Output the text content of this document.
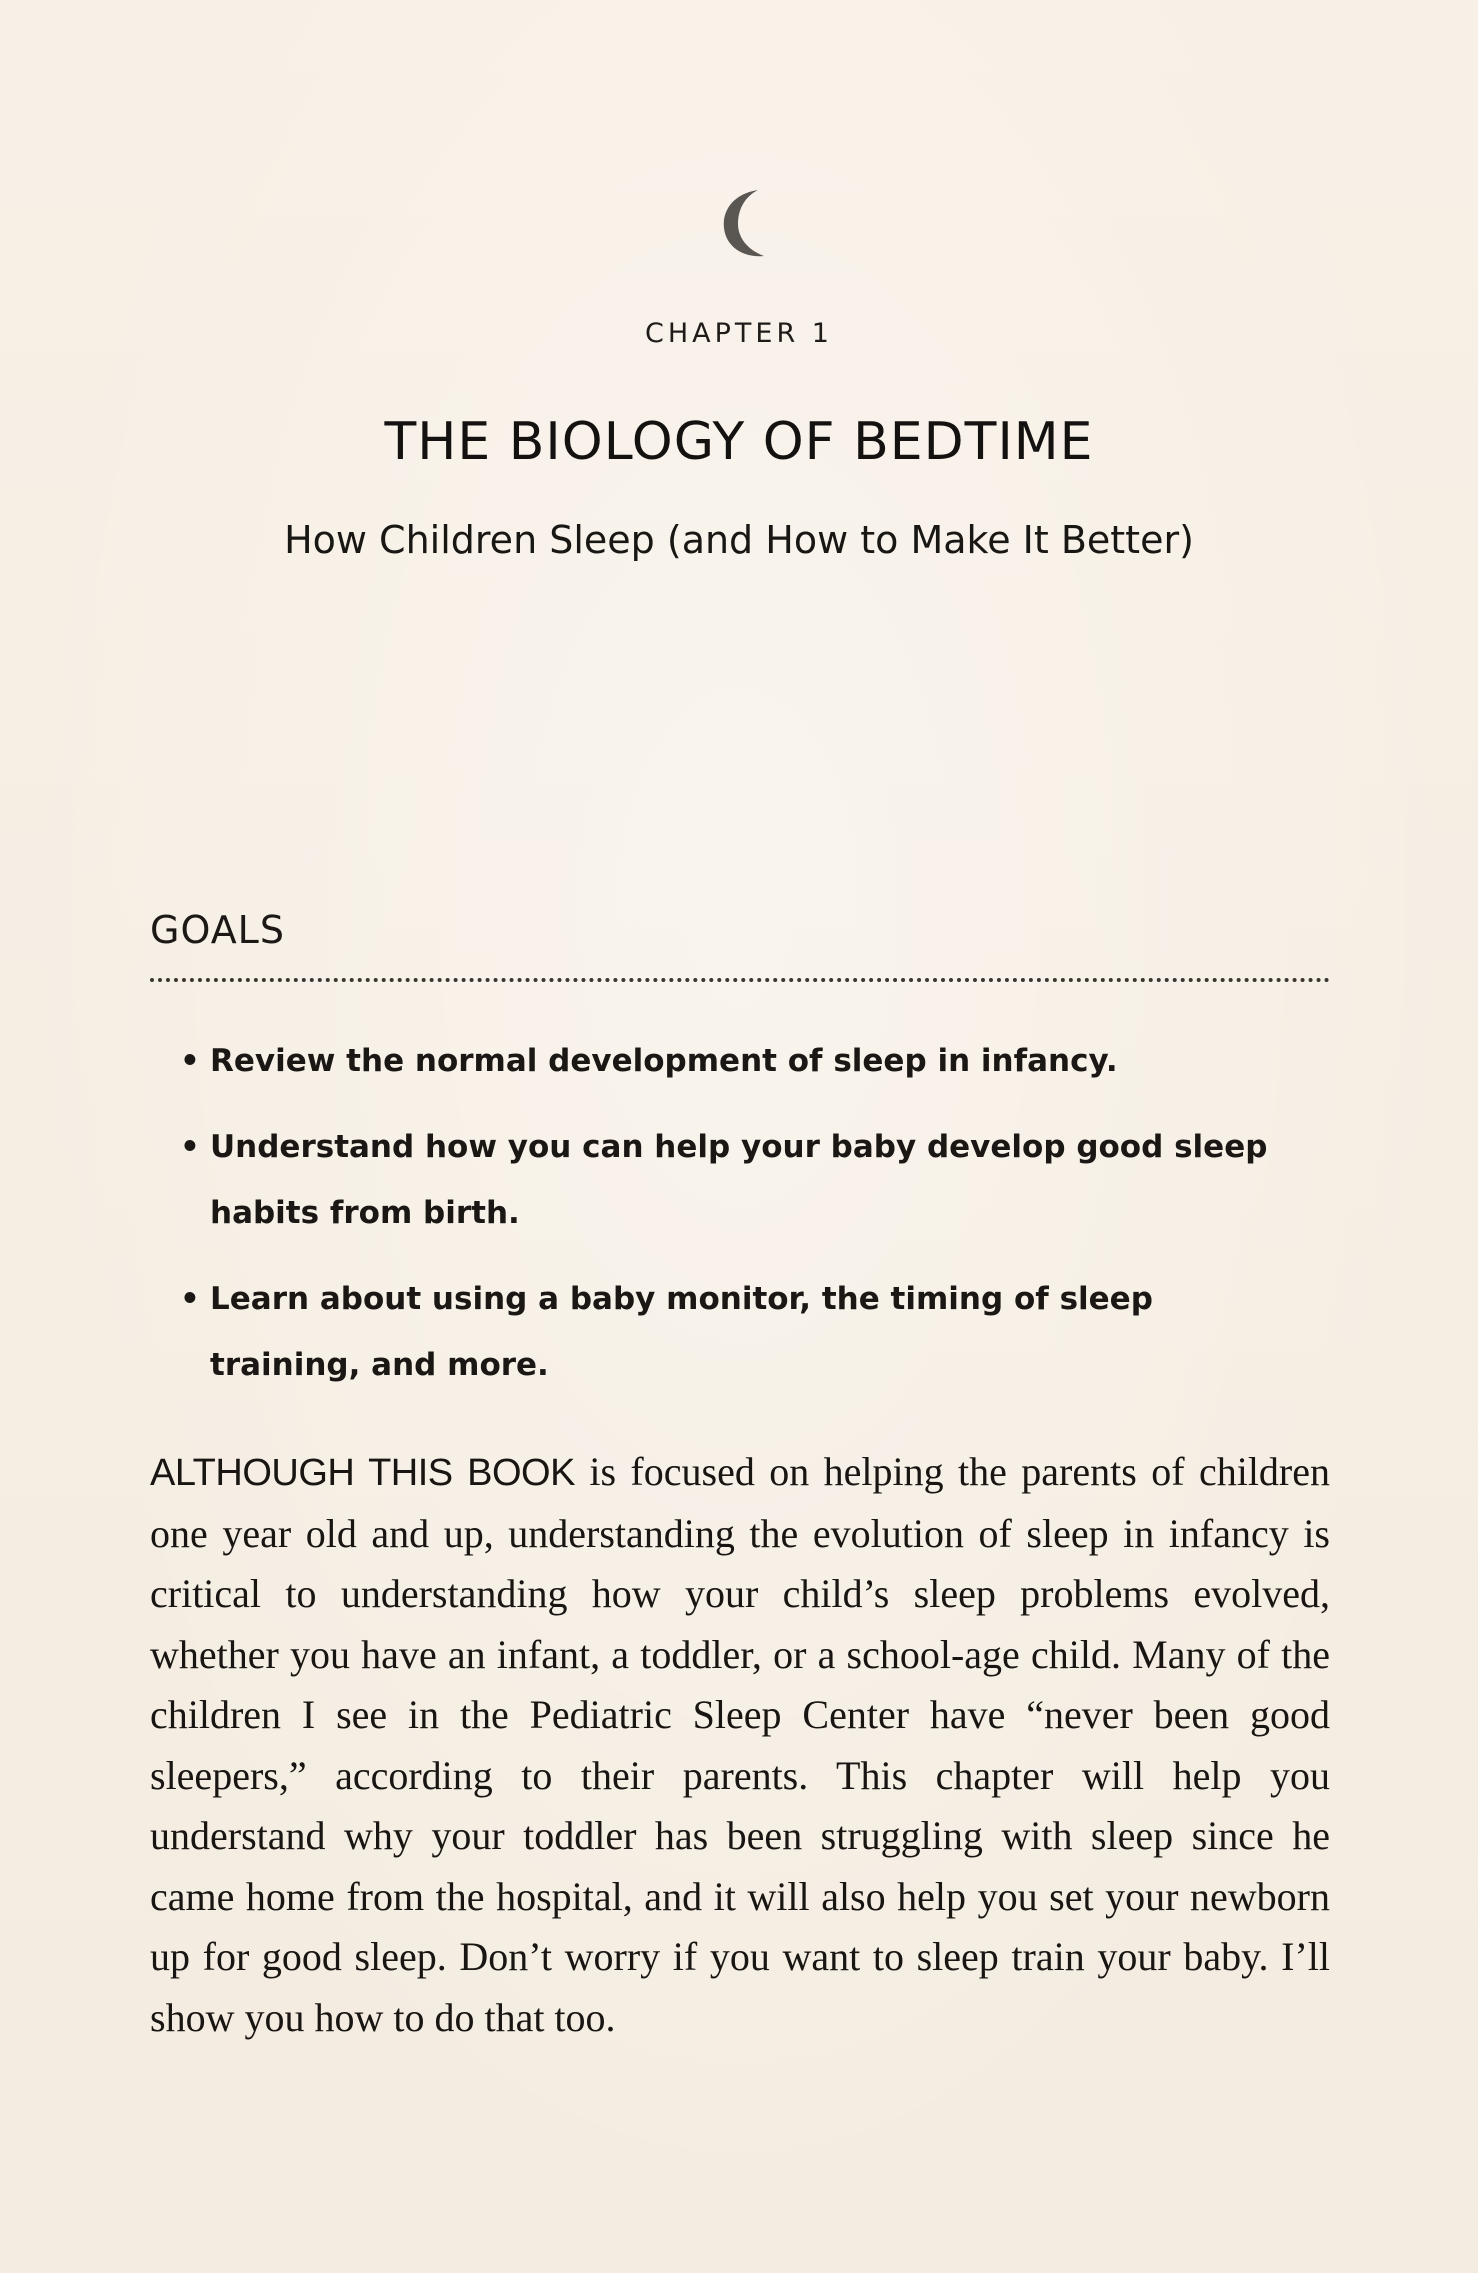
CHAPTER 1
THE BIOLOGY OF BEDTIME
How Children Sleep (and How to Make It Better)
GOALS
• Review the normal development of sleep in infancy.
• Understand how you can help your baby develop good sleep habits from birth.
• Learn about using a baby monitor, the timing of sleep training, and more.

ALTHOUGH THIS BOOK is focused on helping the parents of children one year old and up, understanding the evolution of sleep in infancy is critical to understanding how your child’s sleep problems evolved, whether you have an infant, a toddler, or a school-age child. Many of the children I see in the Pediatric Sleep Center have “never been good sleepers,” according to their parents. This chapter will help you understand why your toddler has been struggling with sleep since he came home from the hospital, and it will also help you set your newborn up for good sleep. Don’t worry if you want to sleep train your baby. I’ll show you how to do that too.
